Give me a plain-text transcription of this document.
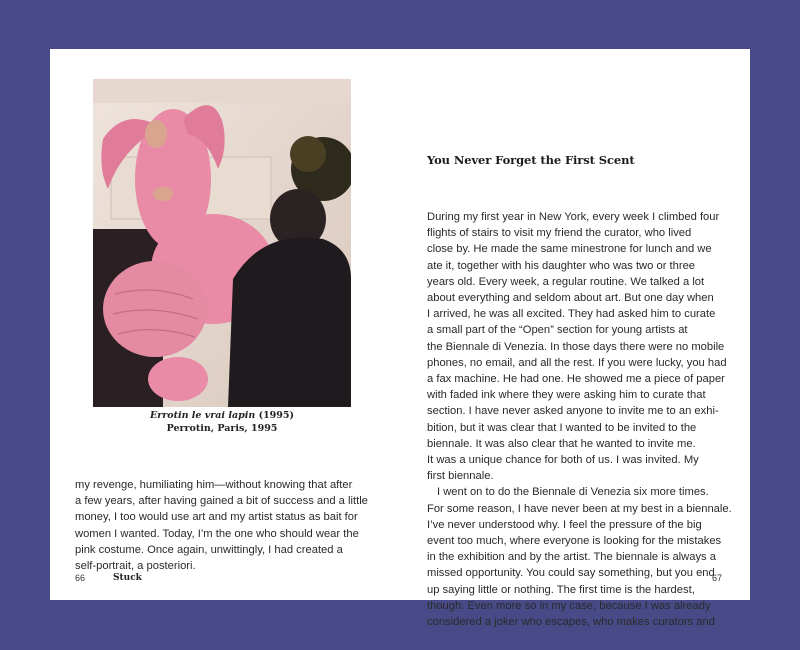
Errotin le vrai lapin (1995)
Perrotin, Paris, 1995
my revenge, humiliating him—without knowing that after
a few years, after having gained a bit of success and a little
money, I too would use art and my artist status as bait for
women I wanted. Today, I’m the one who should wear the
pink costume. Once again, unwittingly, I had created a
self-portrait, a posteriori.
66	Stuck
You Never Forget the First Scent
During my first year in New York, every week I climbed four
flights of stairs to visit my friend the curator, who lived
close by. He made the same minestrone for lunch and we
ate it, together with his daughter who was two or three
years old. Every week, a regular routine. We talked a lot
about everything and seldom about art. But one day when
I arrived, he was all excited. They had asked him to curate
a small part of the “Open” section for young artists at
the Biennale di Venezia. In those days there were no mobile
phones, no email, and all the rest. If you were lucky, you had
a fax machine. He had one. He showed me a piece of paper
with faded ink where they were asking him to curate that
section. I have never asked anyone to invite me to an exhi-
bition, but it was clear that I wanted to be invited to the
biennale. It was also clear that he wanted to invite me.
It was a unique chance for both of us. I was invited. My
first biennale.
I went on to do the Biennale di Venezia six more times.
For some reason, I have never been at my best in a biennale.
I’ve never understood why. I feel the pressure of the big
event too much, where everyone is looking for the mistakes
in the exhibition and by the artist. The biennale is always a
missed opportunity. You could say something, but you end
up saying little or nothing. The first time is the hardest,
though. Even more so in my case, because I was already
considered a joker who escapes, who makes curators and
67
